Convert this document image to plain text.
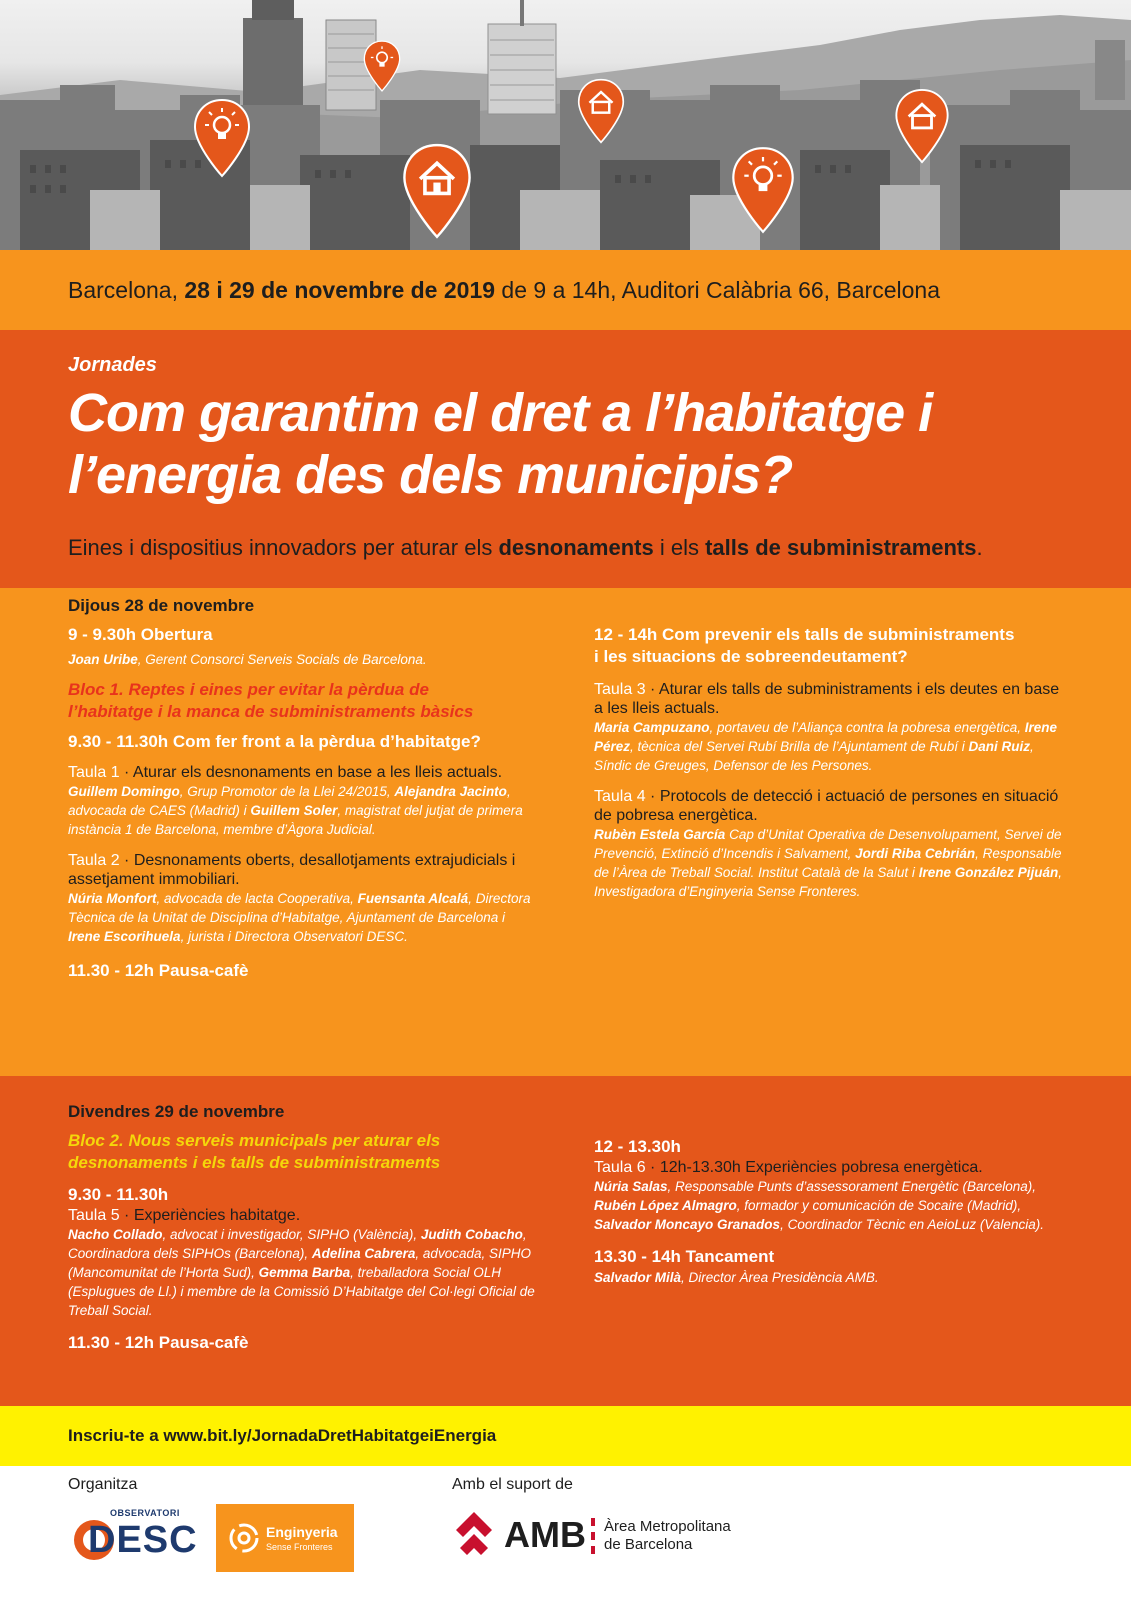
Barcelona, 28 i 29 de novembre de 2019 de 9 a 14h, Auditori Calàbria 66, Barcelona
Jornades
Com garantim el dret a l’habitatge i
l’energia des dels municipis?
Eines i dispositius innovadors per aturar els desnonaments i els talls de subministraments.
Dijous 28 de novembre
9 - 9.30h Obertura
Joan Uribe, Gerent Consorci Serveis Socials de Barcelona.
Bloc 1. Reptes i eines per evitar la pèrdua de
l’habitatge i la manca de subministraments bàsics
9.30 - 11.30h Com fer front a la pèrdua d’habitatge?
Taula 1 · Aturar els desnonaments en base a les lleis actuals.
Guillem Domingo, Grup Promotor de la Llei 24/2015, Alejandra Jacinto, advocada de CAES (Madrid) i Guillem Soler, magistrat del jutjat de primera instància 1 de Barcelona, membre d’Àgora Judicial.
Taula 2 · Desnonaments oberts, desallotjaments extrajudicials i assetjament immobiliari.
Núria Monfort, advocada de lacta Cooperativa, Fuensanta Alcalá, Directora Tècnica de la Unitat de Disciplina d’Habitatge, Ajuntament de Barcelona i Irene Escorihuela, jurista i Directora Observatori DESC.
11.30 - 12h Pausa-cafè
12 - 14h Com prevenir els talls de subministraments
i les situacions de sobreendeutament?
Taula 3 · Aturar els talls de subministraments i els deutes en base a les lleis actuals.
Maria Campuzano, portaveu de l’Aliança contra la pobresa energètica, Irene Pérez, tècnica del Servei Rubí Brilla de l’Ajuntament de Rubí i Dani Ruiz, Síndic de Greuges, Defensor de les Persones.
Taula 4 · Protocols de detecció i actuació de persones en situació de pobresa energètica.
Rubèn Estela García Cap d’Unitat Operativa de Desenvolupament, Servei de Prevenció, Extinció d’Incendis i Salvament, Jordi Riba Cebrián, Responsable de l’Àrea de Treball Social. Institut Català de la Salut i Irene González Pijuán, Investigadora d’Enginyeria Sense Fronteres.
Divendres 29 de novembre
Bloc 2. Nous serveis municipals per aturar els
desnonaments i els talls de subministraments
9.30 - 11.30h
Taula 5 · Experiències habitatge.
Nacho Collado, advocat i investigador, SIPHO (València), Judith Cobacho, Coordinadora dels SIPHOs (Barcelona), Adelina Cabrera, advocada, SIPHO (Mancomunitat de l’Horta Sud), Gemma Barba, treballadora Social OLH (Esplugues de Ll.) i membre de la Comissió D’Habitatge del Col·legi Oficial de Treball Social.
11.30 - 12h Pausa-cafè
12 - 13.30h
Taula 6 · 12h-13.30h Experiències pobresa energètica.
Núria Salas, Responsable Punts d’assessorament Energètic (Barcelona), Rubén López Almagro, formador y comunicación de Socaire (Madrid), Salvador Moncayo Granados, Coordinador Tècnic en AeioLuz (Valencia).
13.30 - 14h Tancament
Salvador Milà, Director Àrea Presidència AMB.
Inscriu-te a www.bit.ly/JornadaDretHabitatgeiEnergia
Organitza	Amb el suport de
OBSERVATORI
DESC	Enginyeria
Sense Fronteres	AMB Àrea Metropolitana
de Barcelona
